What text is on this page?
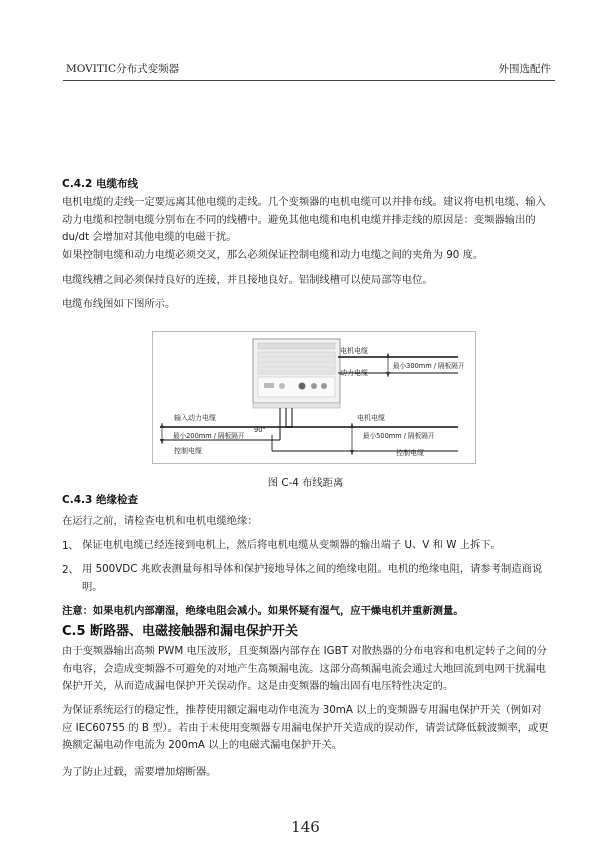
MOVITIC分布式变频器	外围选配件
C.4.2 电缆布线
电机电缆的走线一定要远离其他电缆的走线。几个变频器的电机电缆可以并排布线。建议将电机电缆、输入动力电缆和控制电缆分别布在不同的线槽中。避免其他电缆和电机电缆并排走线的原因是：变频器输出的 du/dt 会增加对其他电缆的电磁干扰。
如果控制电缆和动力电缆必须交叉，那么必须保证控制电缆和动力电缆之间的夹角为 90 度。
电缆线槽之间必须保持良好的连接，并且接地良好。铝制线槽可以使局部等电位。
电缆布线图如下图所示。
电机电缆
动力电缆
最小300mm / 隔板隔开
输入动力电缆
90°
最小200mm / 隔板隔开
控制电缆
电机电缆
最小500mm / 隔板隔开
控制电缆
图 C-4 布线距离
C.4.3 绝缘检查
在运行之前，请检查电机和电机电缆绝缘：
1、 保证电机电缆已经连接到电机上，然后将电机电缆从变频器的输出端子 U、V 和 W 上拆下。
2、 用 500VDC 兆欧表测量每相导体和保护接地导体之间的绝缘电阻。电机的绝缘电阻，请参考制造商说明。
注意：如果电机内部潮湿，绝缘电阻会减小。如果怀疑有湿气，应干燥电机并重新测量。
C.5 断路器、电磁接触器和漏电保护开关
由于变频器输出高频 PWM 电压波形，且变频器内部存在 IGBT 对散热器的分布电容和电机定转子之间的分布电容，会造成变频器不可避免的对地产生高频漏电流。这部分高频漏电流会通过大地回流到电网干扰漏电保护开关，从而造成漏电保护开关误动作。这是由变频器的输出固有电压特性决定的。
为保证系统运行的稳定性，推荐使用额定漏电动作电流为 30mA 以上的变频器专用漏电保护开关（例如对应 IEC60755 的 B 型）。若由于未使用变频器专用漏电保护开关造成的误动作，请尝试降低载波频率，或更换额定漏电动作电流为 200mA 以上的电磁式漏电保护开关。
为了防止过载，需要增加熔断器。
146
